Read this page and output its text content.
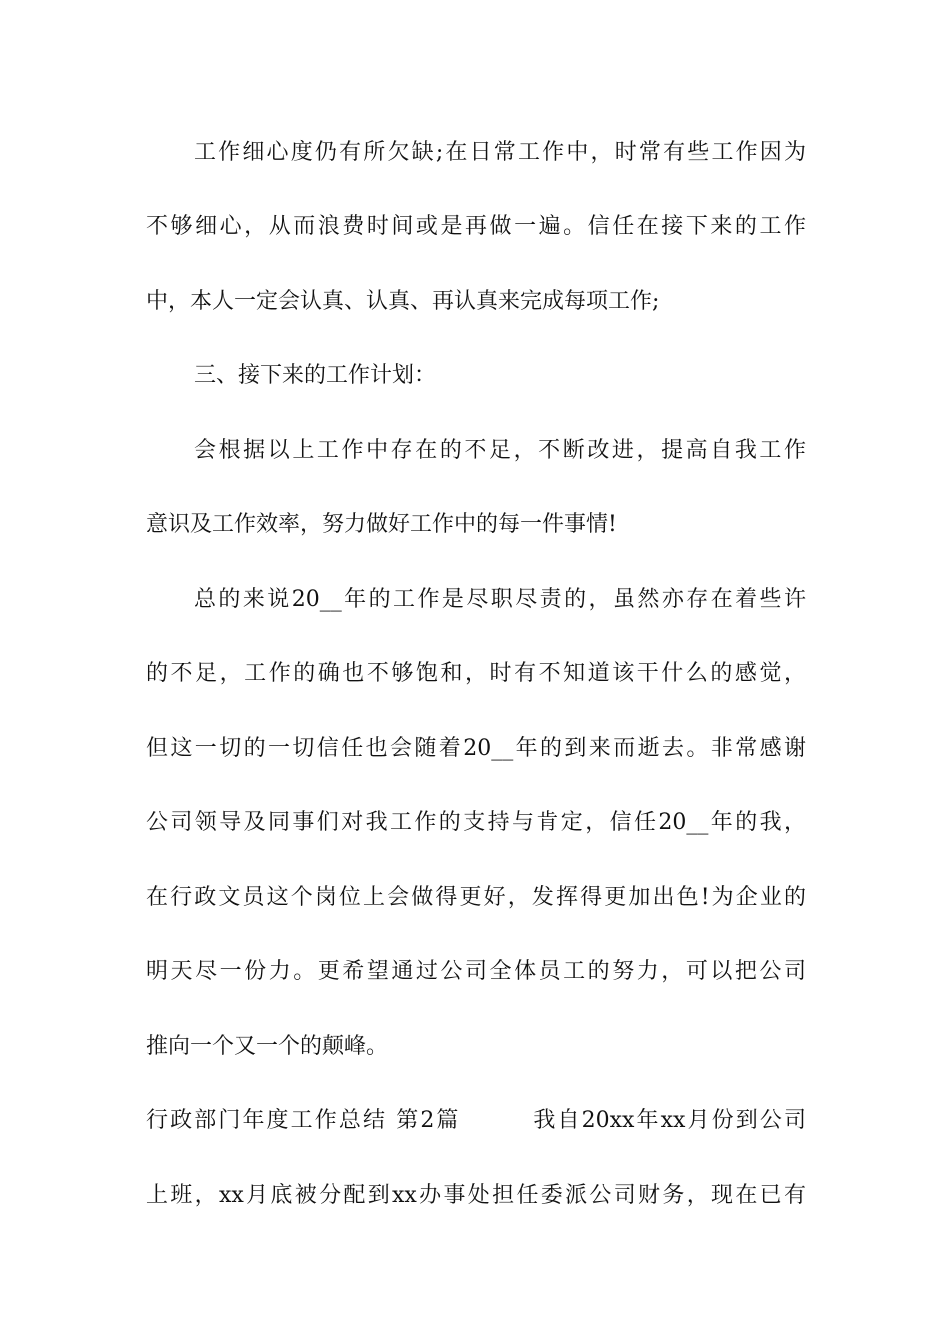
工作细心度仍有所欠缺;在日常工作中，时常有些工作因为
不够细心，从而浪费时间或是再做一遍。信任在接下来的工作
中，本人一定会认真、认真、再认真来完成每项工作;
三、接下来的工作计划：
会根据以上工作中存在的不足，不断改进，提高自我工作
意识及工作效率，努力做好工作中的每一件事情!
总的来说20__年的工作是尽职尽责的，虽然亦存在着些许
的不足，工作的确也不够饱和，时有不知道该干什么的感觉，
但这一切的一切信任也会随着20__年的到来而逝去。非常感谢
公司领导及同事们对我工作的支持与肯定，信任20__年的我，
在行政文员这个岗位上会做得更好，发挥得更加出色!为企业的
明天尽一份力。更希望通过公司全体员工的努力，可以把公司
推向一个又一个的颠峰。
行政部门年度工作总结 第2篇        我自20xx年xx月份到公司
上班，xx月底被分配到xx办事处担任委派公司财务，现在已有
